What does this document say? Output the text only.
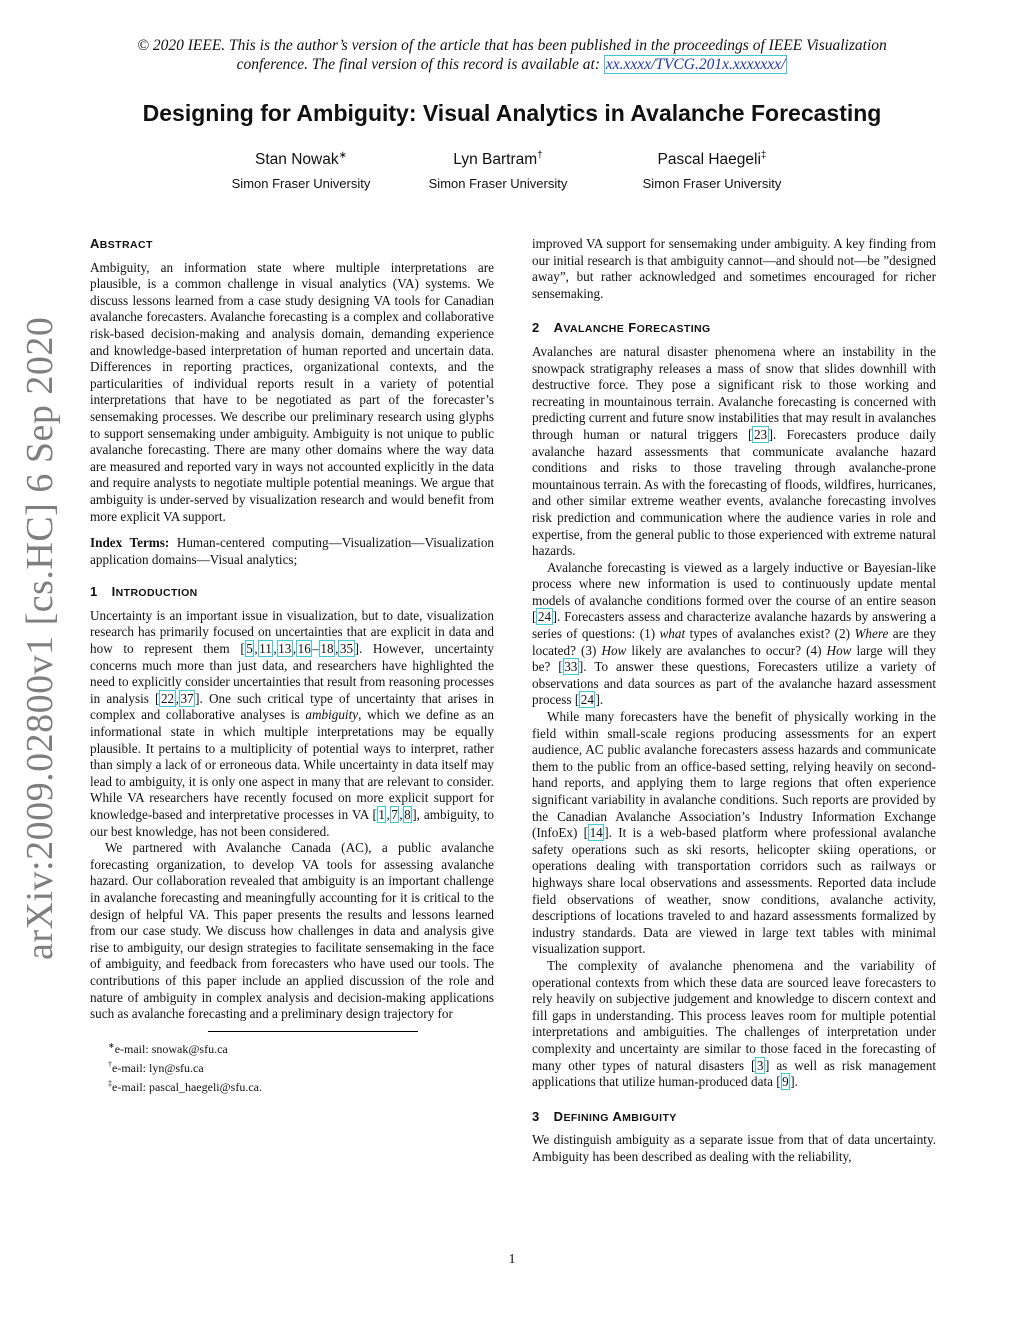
© 2020 IEEE. This is the author’s version of the article that has been published in the proceedings of IEEE Visualization conference. The final version of this record is available at: xx.xxxx/TVCG.201x.xxxxxxx/
Designing for Ambiguity: Visual Analytics in Avalanche Forecasting
Stan Nowak∗
Simon Fraser University
Lyn Bartram†
Simon Fraser University
Pascal Haegeli‡
Simon Fraser University
arXiv:2009.02800v1 [cs.HC] 6 Sep 2020
ABSTRACT

Ambiguity, an information state where multiple interpretations are plausible, is a common challenge in visual analytics (VA) systems. We discuss lessons learned from a case study designing VA tools for Canadian avalanche forecasters. Avalanche forecasting is a complex and collaborative risk-based decision-making and analysis domain, demanding experience and knowledge-based interpretation of human reported and uncertain data. Differences in reporting practices, organizational contexts, and the particularities of individual reports result in a variety of potential interpretations that have to be negotiated as part of the forecaster’s sensemaking processes. We describe our preliminary research using glyphs to support sensemaking under ambiguity. Ambiguity is not unique to public avalanche forecasting. There are many other domains where the way data are measured and reported vary in ways not accounted explicitly in the data and require analysts to negotiate multiple potential meanings. We argue that ambiguity is under-served by visualization research and would benefit from more explicit VA support.

Index Terms: Human-centered computing—Visualization—Visualization application domains—Visual analytics;

1 INTRODUCTION

Uncertainty is an important issue in visualization, but to date, visualization research has primarily focused on uncertainties that are explicit in data and how to represent them [ 5 , 11 , 13 , 16 – 18 , 35 ]. However, uncertainty concerns much more than just data, and researchers have highlighted the need to explicitly consider uncertainties that result from reasoning processes in analysis [ 22 , 37 ]. One such critical type of uncertainty that arises in complex and collaborative analyses is ambiguity, which we define as an informational state in which multiple interpretations may be equally plausible. It pertains to a multiplicity of potential ways to interpret, rather than simply a lack of or erroneous data. While uncertainty in data itself may lead to ambiguity, it is only one aspect in many that are relevant to consider. While VA researchers have recently focused on more explicit support for knowledge-based and interpretative processes in VA [ 1 , 7 , 8 ], ambiguity, to our best knowledge, has not been considered.

We partnered with Avalanche Canada (AC), a public avalanche forecasting organization, to develop VA tools for assessing avalanche hazard. Our collaboration revealed that ambiguity is an important challenge in avalanche forecasting and meaningfully accounting for it is critical to the design of helpful VA. This paper presents the results and lessons learned from our case study. We discuss how challenges in data and analysis give rise to ambiguity, our design strategies to facilitate sensemaking in the face of ambiguity, and feedback from forecasters who have used our tools. The contributions of this paper include an applied discussion of the role and nature of ambiguity in complex analysis and decision-making applications such as avalanche forecasting and a preliminary design trajectory for

∗e-mail: snowak@sfu.ca
†e-mail: lyn@sfu.ca
‡e-mail: pascal_haegeli@sfu.ca.

improved VA support for sensemaking under ambiguity. A key finding from our initial research is that ambiguity cannot—and should not—be ”designed away”, but rather acknowledged and sometimes encouraged for richer sensemaking.

2 AVALANCHE FORECASTING

Avalanches are natural disaster phenomena where an instability in the snowpack stratigraphy releases a mass of snow that slides downhill with destructive force. They pose a significant risk to those working and recreating in mountainous terrain. Avalanche forecasting is concerned with predicting current and future snow instabilities that may result in avalanches through human or natural triggers [ 23 ]. Forecasters produce daily avalanche hazard assessments that communicate avalanche hazard conditions and risks to those traveling through avalanche-prone mountainous terrain. As with the forecasting of floods, wildfires, hurricanes, and other similar extreme weather events, avalanche forecasting involves risk prediction and communication where the audience varies in role and expertise, from the general public to those experienced with extreme natural hazards.

Avalanche forecasting is viewed as a largely inductive or Bayesian-like process where new information is used to continuously update mental models of avalanche conditions formed over the course of an entire season [ 24 ]. Forecasters assess and characterize avalanche hazards by answering a series of questions: (1) what types of avalanches exist? (2) Where are they located? (3) How likely are avalanches to occur? (4) How large will they be? [ 33 ]. To answer these questions, Forecasters utilize a variety of observations and data sources as part of the avalanche hazard assessment process [ 24 ].

While many forecasters have the benefit of physically working in the field within small-scale regions producing assessments for an expert audience, AC public avalanche forecasters assess hazards and communicate them to the public from an office-based setting, relying heavily on second-hand reports, and applying them to large regions that often experience significant variability in avalanche conditions. Such reports are provided by the Canadian Avalanche Association’s Industry Information Exchange (InfoEx) [ 14 ]. It is a web-based platform where professional avalanche safety operations such as ski resorts, helicopter skiing operations, or operations dealing with transportation corridors such as railways or highways share local observations and assessments. Reported data include field observations of weather, snow conditions, avalanche activity, descriptions of locations traveled to and hazard assessments formalized by industry standards. Data are viewed in large text tables with minimal visualization support.

The complexity of avalanche phenomena and the variability of operational contexts from which these data are sourced leave forecasters to rely heavily on subjective judgement and knowledge to discern context and fill gaps in understanding. This process leaves room for multiple potential interpretations and ambiguities. The challenges of interpretation under complexity and uncertainty are similar to those faced in the forecasting of many other types of natural disasters [ 3 ] as well as risk management applications that utilize human-produced data [ 9 ].

3 DEFINING AMBIGUITY

We distinguish ambiguity as a separate issue from that of data uncertainty. Ambiguity has been described as dealing with the reliability,

1
